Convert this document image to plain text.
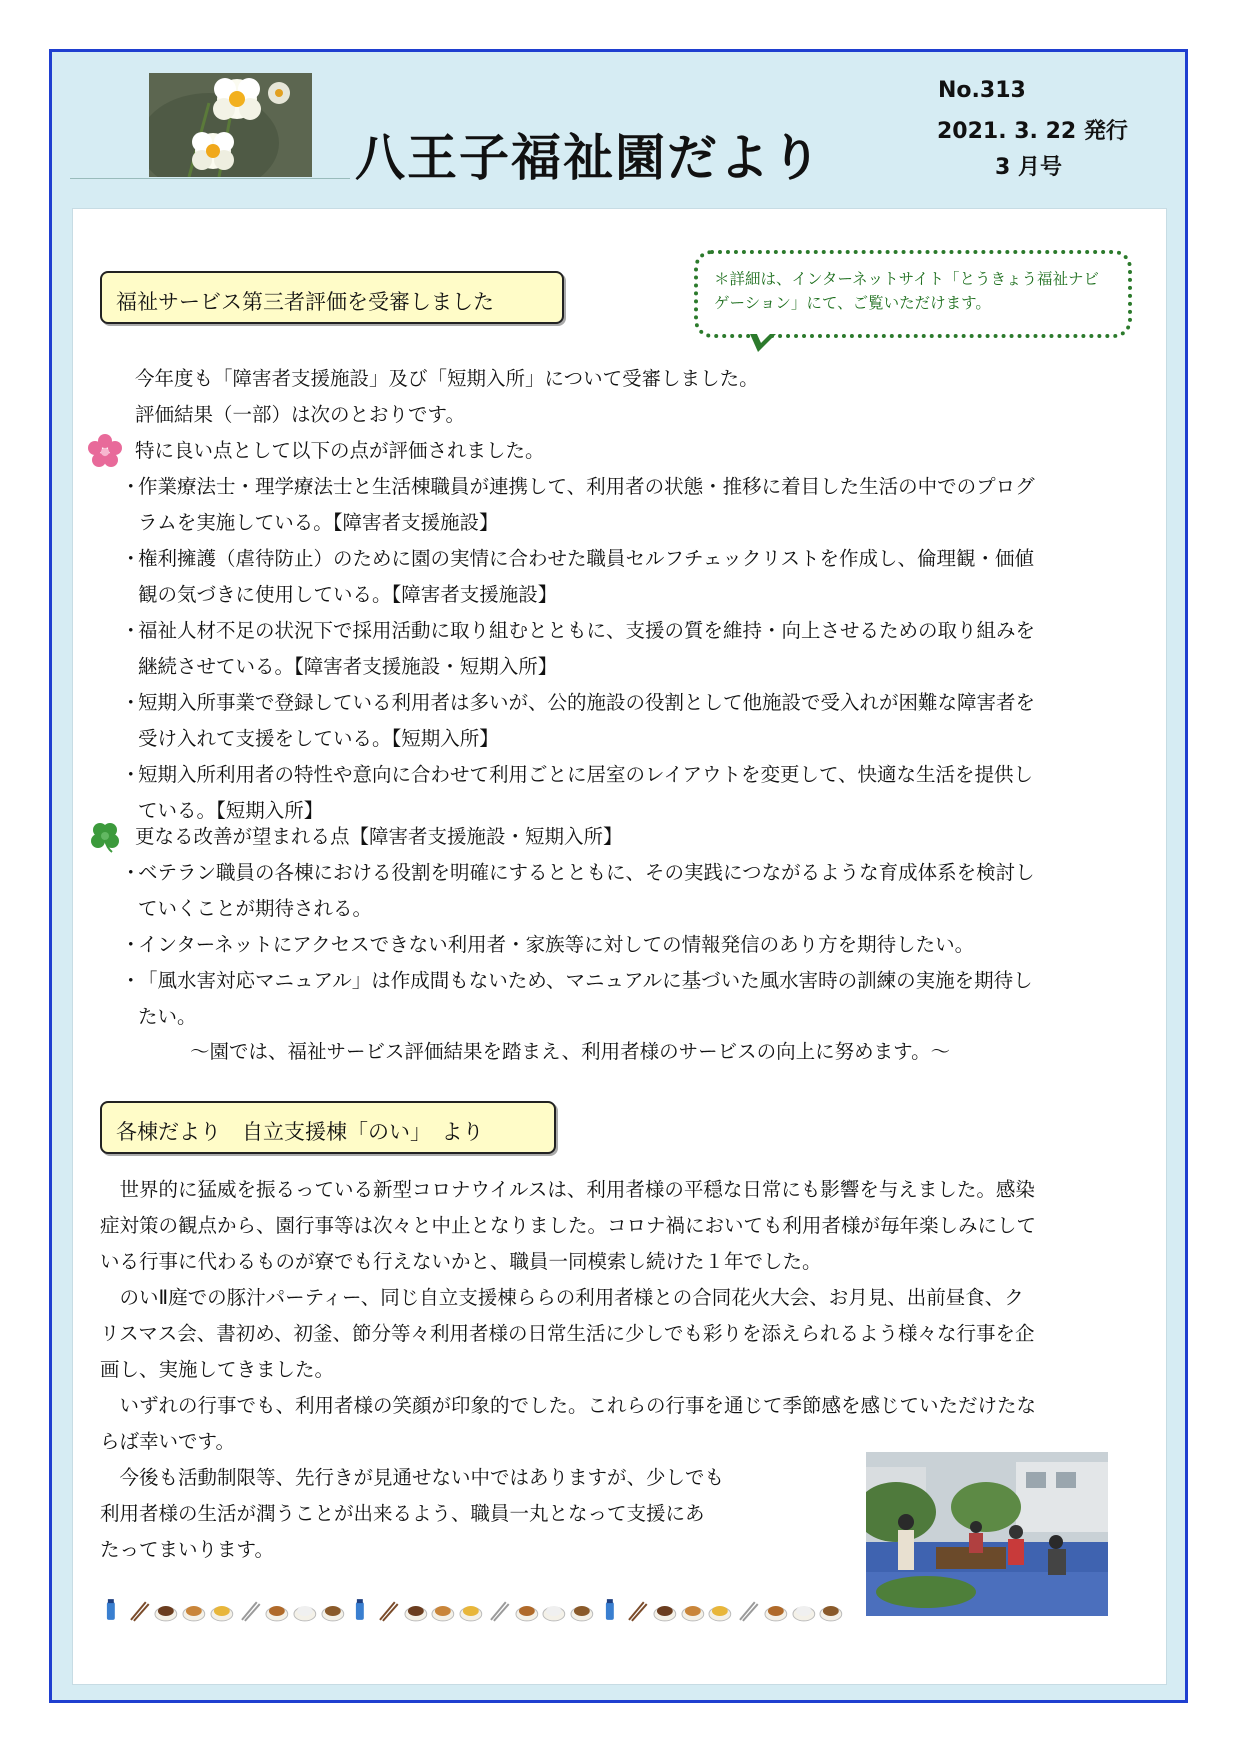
八王子福祉園だより
No.313
2021. 3. 22 発行
3 月号
福祉サービス第三者評価を受審しました
＊詳細は、インターネットサイト「とうきょう福祉ナビ
ゲーション」にて、ご覧いただけます。
今年度も「障害者支援施設」及び「短期入所」について受審しました。
評価結果（一部）は次のとおりです。
特に良い点として以下の点が評価されました。
・
作業療法士・理学療法士と生活棟職員が連携して、利用者の状態・推移に着目した生活の中でのプログ
ラムを実施している。【障害者支援施設】
・
権利擁護（虐待防止）のために園の実情に合わせた職員セルフチェックリストを作成し、倫理観・価値
観の気づきに使用している。【障害者支援施設】
・
福祉人材不足の状況下で採用活動に取り組むとともに、支援の質を維持・向上させるための取り組みを
継続させている。【障害者支援施設・短期入所】
・
短期入所事業で登録している利用者は多いが、公的施設の役割として他施設で受入れが困難な障害者を
受け入れて支援をしている。【短期入所】
・
短期入所利用者の特性や意向に合わせて利用ごとに居室のレイアウトを変更して、快適な生活を提供し
ている。【短期入所】
更なる改善が望まれる点【障害者支援施設・短期入所】
・
ベテラン職員の各棟における役割を明確にするとともに、その実践につながるような育成体系を検討し
ていくことが期待される。
・
インターネットにアクセスできない利用者・家族等に対しての情報発信のあり方を期待したい。
・
「風水害対応マニュアル」は作成間もないため、マニュアルに基づいた風水害時の訓練の実施を期待し
たい。
〜園では、福祉サービス評価結果を踏まえ、利用者様のサービスの向上に努めます。〜
各棟だより　自立支援棟「のい」　より
　世界的に猛威を振るっている新型コロナウイルスは、利用者様の平穏な日常にも影響を与えました。感染
症対策の観点から、園行事等は次々と中止となりました。コロナ禍においても利用者様が毎年楽しみにして
いる行事に代わるものが寮でも行えないかと、職員一同模索し続けた１年でした。
　のいⅡ庭での豚汁パーティー、同じ自立支援棟ららの利用者様との合同花火大会、お月見、出前昼食、ク
リスマス会、書初め、初釜、節分等々利用者様の日常生活に少しでも彩りを添えられるよう様々な行事を企
画し、実施してきました。
　いずれの行事でも、利用者様の笑顔が印象的でした。これらの行事を通じて季節感を感じていただけたな
らば幸いです。
　今後も活動制限等、先行きが見通せない中ではありますが、少しでも
利用者様の生活が潤うことが出来るよう、職員一丸となって支援にあ
たってまいります。
